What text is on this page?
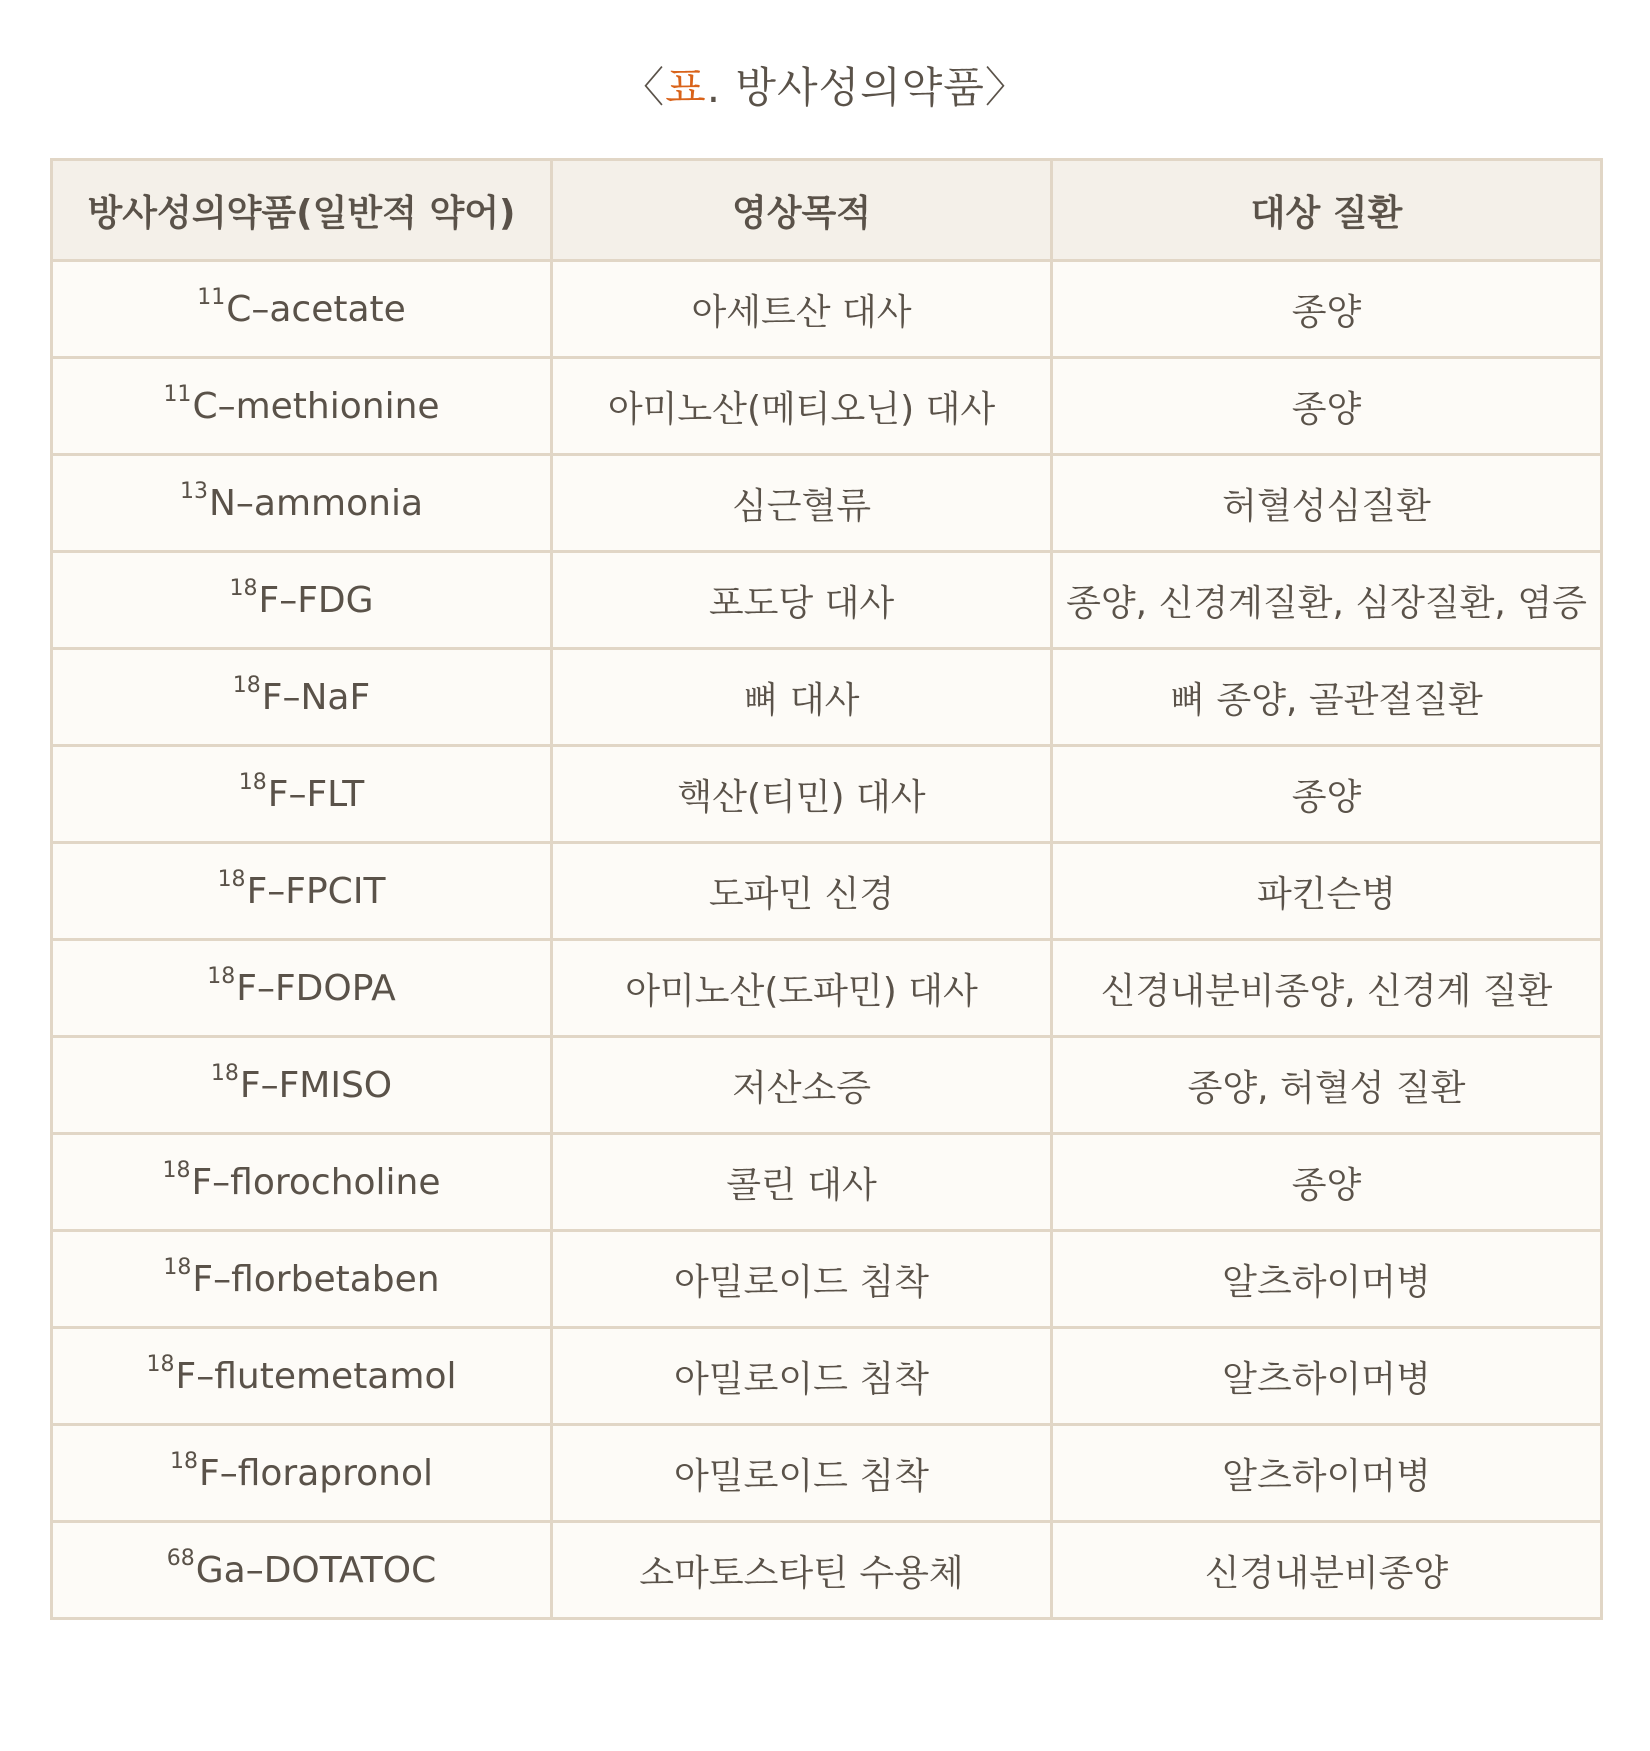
〈표. 방사성의약품〉
방사성의약품(일반적 약어)	영상목적	대상 질환
$^{11}$C–acetate	아세트산 대사	종양
$^{11}$C–methionine	아미노산(메티오닌) 대사	종양
$^{13}$N–ammonia	심근혈류	허혈성심질환
$^{18}$F–FDG	포도당 대사	종양, 신경계질환, 심장질환, 염증
$^{18}$F–NaF	뼈 대사	뼈 종양, 골관절질환
$^{18}$F–FLT	핵산(티민) 대사	종양
$^{18}$F–FPCIT	도파민 신경	파킨슨병
$^{18}$F–FDOPA	아미노산(도파민) 대사	신경내분비종양, 신경계 질환
$^{18}$F–FMISO	저산소증	종양, 허혈성 질환
$^{18}$F–florocholine	콜린 대사	종양
$^{18}$F–florbetaben	아밀로이드 침착	알츠하이머병
$^{18}$F–flutemetamol	아밀로이드 침착	알츠하이머병
$^{18}$F–florapronol	아밀로이드 침착	알츠하이머병
$^{68}$Ga–DOTATOC	소마토스타틴 수용체	신경내분비종양
